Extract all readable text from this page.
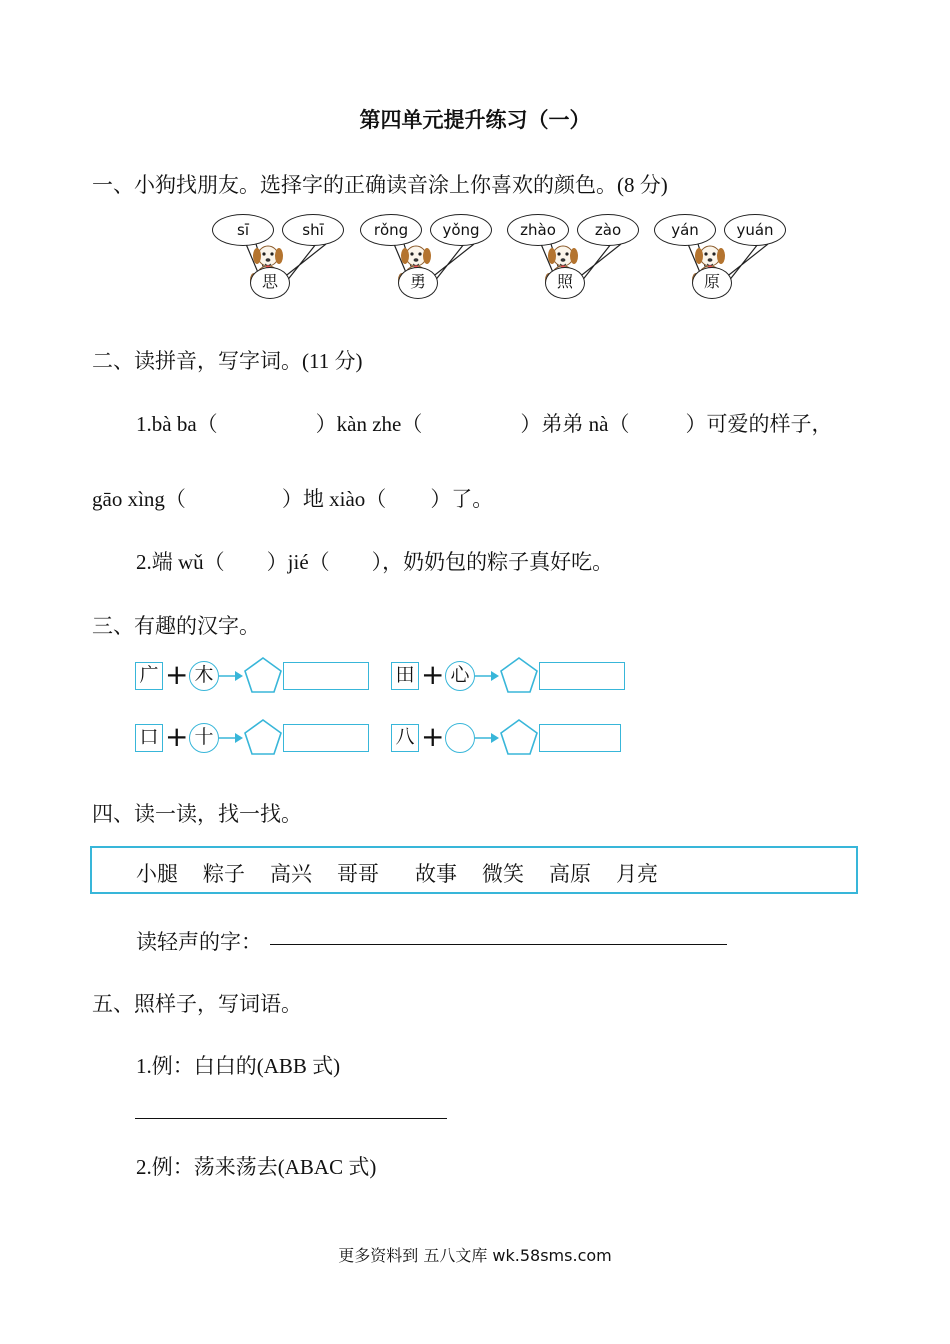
第四单元提升练习（一）
一、小狗找朋友。选择字的正确读音涂上你喜欢的颜色。(8 分)
sī	shī
思
rǒng	yǒng
勇
zhào	zào
照
yán	yuán
原
二、读拼音，写字词。(11 分)
1.bà ba（	）kàn zhe（	）弟弟 nà（	）可爱的样子，
gāo xìng（	）地 xiào（ ）了。
2.端 wǔ（ ）jié（ ），奶奶包的粽子真好吃。
三、有趣的汉字。
广 + 木	田 + 心
口 + 十	八 +
四、读一读，找一找。
小腿 粽子 高兴 哥哥 故事 微笑 高原 月亮
读轻声的字：
五、照样子，写词语。
1.例：白白的(ABB 式)
2.例：荡来荡去(ABAC 式)
更多资料到 五八文库 wk.58sms.com
